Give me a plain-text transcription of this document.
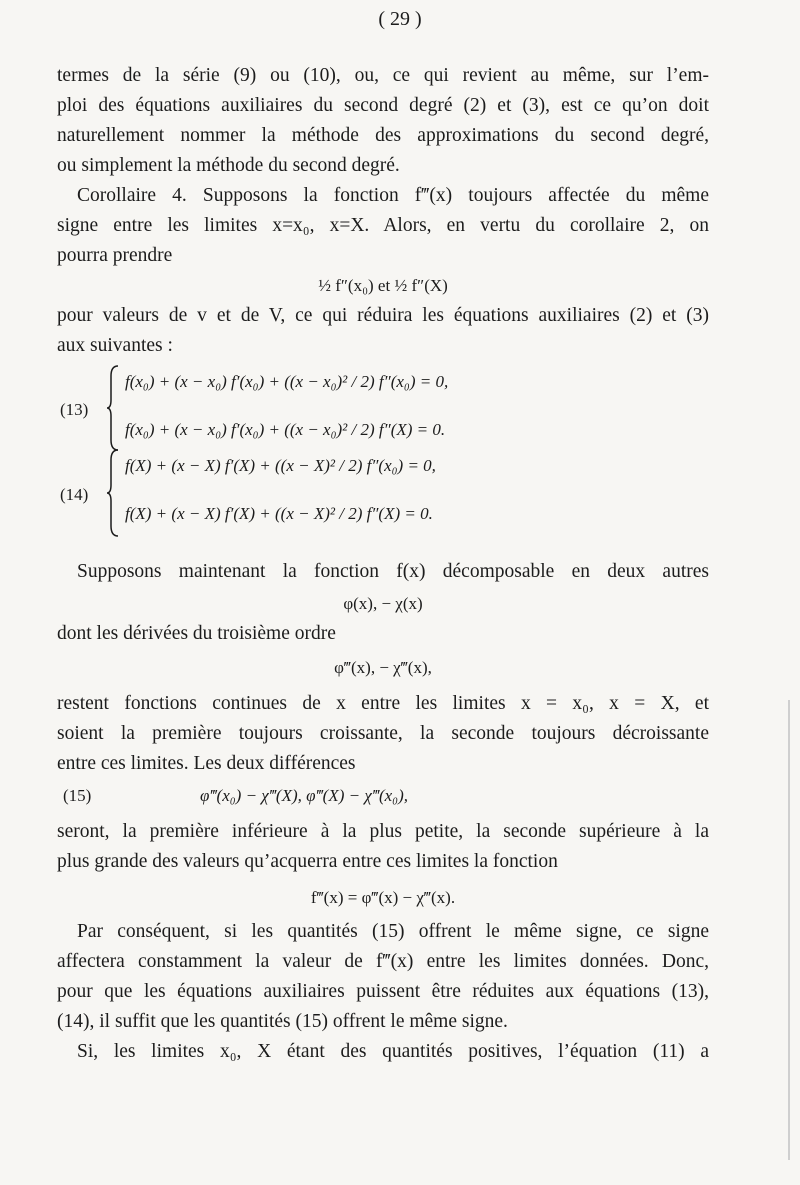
( 29 )
termes de la série (9) ou (10), ou, ce qui revient au même, sur l’em-
ploi des équations auxiliaires du second degré (2) et (3), est ce qu’on doit
naturellement nommer la méthode des approximations du second degré,
ou simplement la méthode du second degré.
Corollaire 4. Supposons la fonction f‴(x) toujours affectée du même
signe entre les limites x=x₀, x=X. Alors, en vertu du corollaire 2, on
pourra prendre
½ f″(x₀) et ½ f″(X)
pour valeurs de v et de V, ce qui réduira les équations auxiliaires (2) et (3)
aux suivantes :
(13)
f(x₀) + (x − x₀) f′(x₀) + ((x − x₀)² / 2) f″(x₀) = 0,
f(x₀) + (x − x₀) f′(x₀) + ((x − x₀)² / 2) f″(X) = 0.
(14)
f(X) + (x − X) f′(X) + ((x − X)² / 2) f″(x₀) = 0,
f(X) + (x − X) f′(X) + ((x − X)² / 2) f″(X) = 0.
Supposons maintenant la fonction f(x) décomposable en deux autres
φ(x), − χ(x)
dont les dérivées du troisième ordre
φ‴(x), − χ‴(x),
restent fonctions continues de x entre les limites x = x₀, x = X, et
soient la première toujours croissante, la seconde toujours décroissante
entre ces limites. Les deux différences
(15)	φ‴(x₀) − χ‴(X), φ‴(X) − χ‴(x₀),
seront, la première inférieure à la plus petite, la seconde supérieure à la
plus grande des valeurs qu’acquerra entre ces limites la fonction
f‴(x) = φ‴(x) − χ‴(x).
Par conséquent, si les quantités (15) offrent le même signe, ce signe
affectera constamment la valeur de f‴(x) entre les limites données. Donc,
pour que les équations auxiliaires puissent être réduites aux équations (13),
(14), il suffit que les quantités (15) offrent le même signe.
Si, les limites x₀, X étant des quantités positives, l’équation (11) a
